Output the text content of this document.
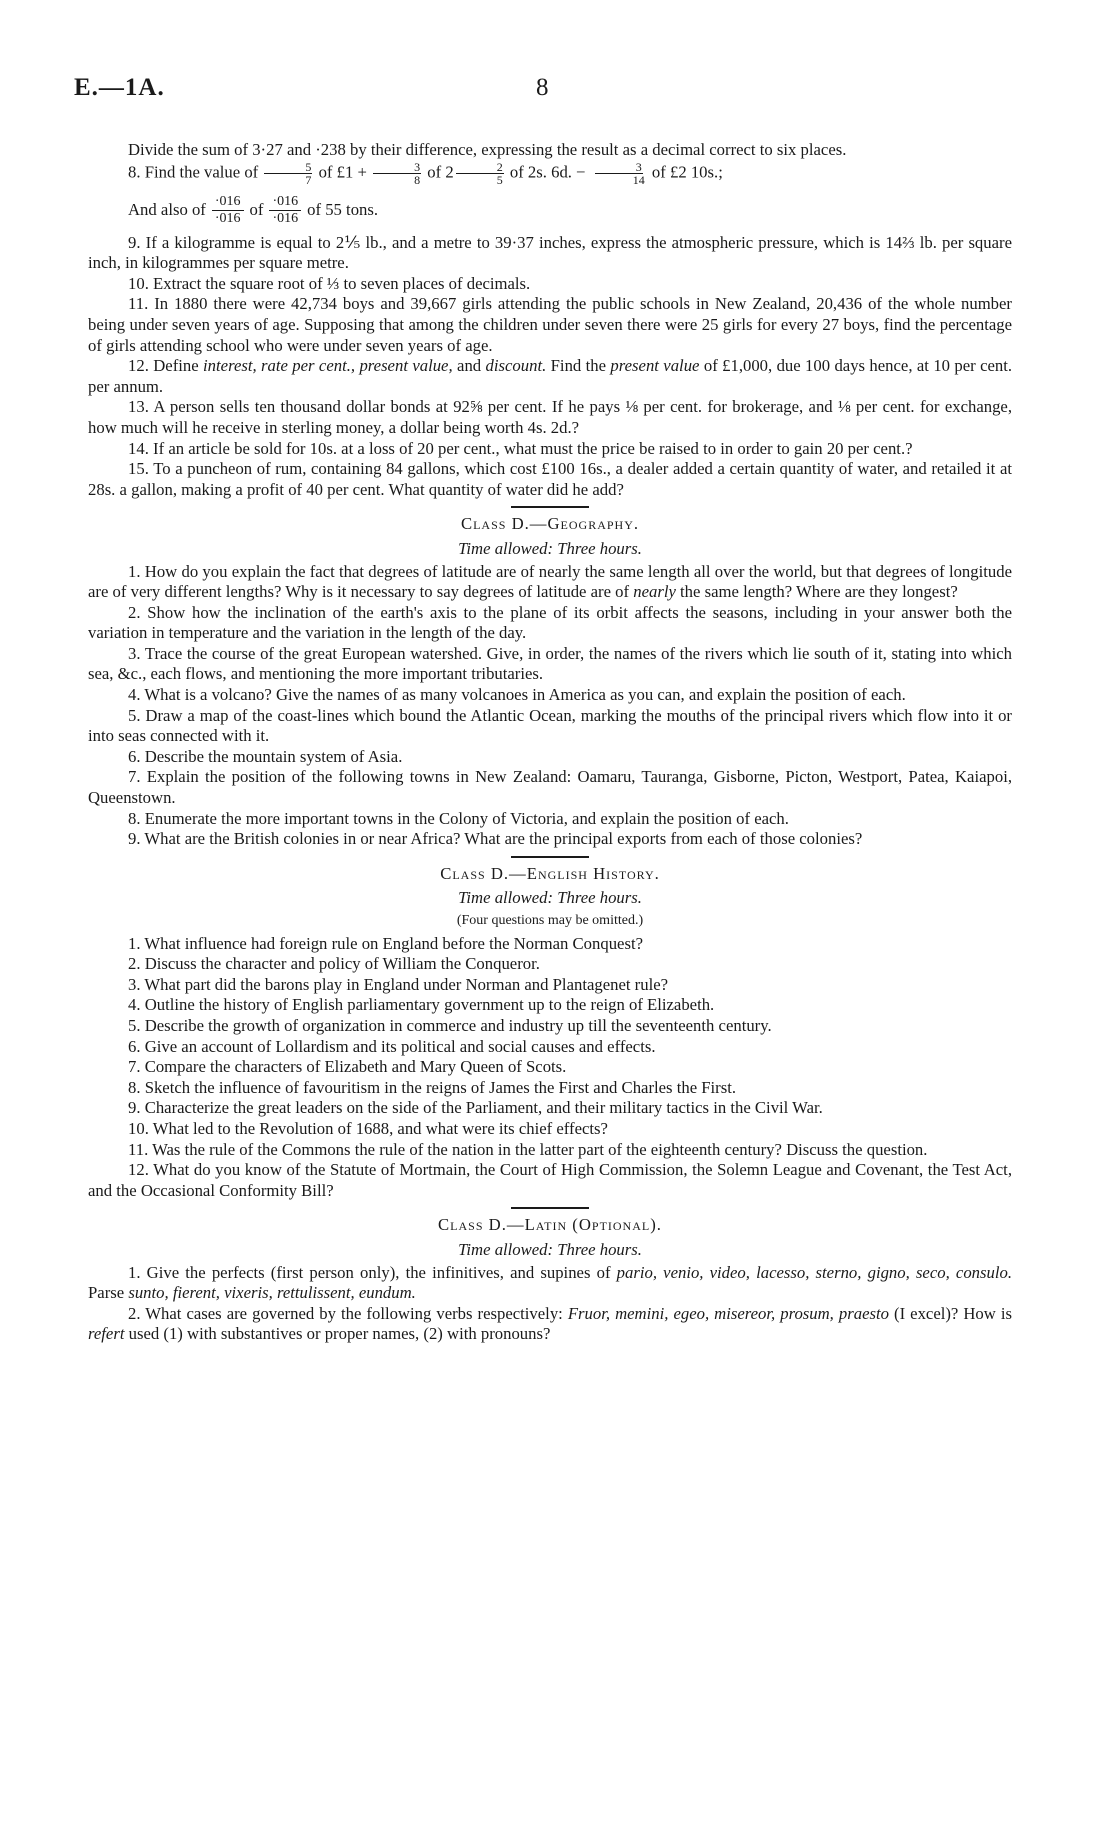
E.—1A.	8

Divide the sum of 3·27 and ·238 by their difference, expressing the result as a decimal correct to six places.

8. Find the value of $\frac{5}{7}$ of £1 + $\frac{3}{8}$ of $2 \frac{2}{5}$ of 2s. 6d. − $\frac{3}{14}$ of £2 10s.;

And also of $\frac{\cdot 016}{\cdot 016}$ of $\frac{\cdot 016}{\cdot 016}$ of 55 tons.

9. If a kilogramme is equal to 2⅕ lb., and a metre to 39·37 inches, express the atmospheric pressure, which is 14⅔ lb. per square inch, in kilogrammes per square metre.

10. Extract the square root of ⅓ to seven places of decimals.

11. In 1880 there were 42,734 boys and 39,667 girls attending the public schools in New Zealand, 20,436 of the whole number being under seven years of age. Supposing that among the children under seven there were 25 girls for every 27 boys, find the percentage of girls attending school who were under seven years of age.

12. Define interest, rate per cent., present value, and discount. Find the present value of £1,000, due 100 days hence, at 10 per cent. per annum.

13. A person sells ten thousand dollar bonds at 92⅝ per cent. If he pays ⅛ per cent. for brokerage, and ⅛ per cent. for exchange, how much will he receive in sterling money, a dollar being worth 4s. 2d.?

14. If an article be sold for 10s. at a loss of 20 per cent., what must the price be raised to in order to gain 20 per cent.?

15. To a puncheon of rum, containing 84 gallons, which cost £100 16s., a dealer added a certain quantity of water, and retailed it at 28s. a gallon, making a profit of 40 per cent. What quantity of water did he add?

Class D.—Geography.
Time allowed: Three hours.

1. How do you explain the fact that degrees of latitude are of nearly the same length all over the world, but that degrees of longitude are of very different lengths? Why is it necessary to say degrees of latitude are of nearly the same length? Where are they longest?

2. Show how the inclination of the earth's axis to the plane of its orbit affects the seasons, including in your answer both the variation in temperature and the variation in the length of the day.

3. Trace the course of the great European watershed. Give, in order, the names of the rivers which lie south of it, stating into which sea, &c., each flows, and mentioning the more important tributaries.

4. What is a volcano? Give the names of as many volcanoes in America as you can, and explain the position of each.

5. Draw a map of the coast-lines which bound the Atlantic Ocean, marking the mouths of the principal rivers which flow into it or into seas connected with it.

6. Describe the mountain system of Asia.

7. Explain the position of the following towns in New Zealand: Oamaru, Tauranga, Gisborne, Picton, Westport, Patea, Kaiapoi, Queenstown.

8. Enumerate the more important towns in the Colony of Victoria, and explain the position of each.

9. What are the British colonies in or near Africa? What are the principal exports from each of those colonies?

Class D.—English History.
Time allowed: Three hours.
(Four questions may be omitted.)

1. What influence had foreign rule on England before the Norman Conquest?

2. Discuss the character and policy of William the Conqueror.

3. What part did the barons play in England under Norman and Plantagenet rule?

4. Outline the history of English parliamentary government up to the reign of Elizabeth.

5. Describe the growth of organization in commerce and industry up till the seventeenth century.

6. Give an account of Lollardism and its political and social causes and effects.

7. Compare the characters of Elizabeth and Mary Queen of Scots.

8. Sketch the influence of favouritism in the reigns of James the First and Charles the First.

9. Characterize the great leaders on the side of the Parliament, and their military tactics in the Civil War.

10. What led to the Revolution of 1688, and what were its chief effects?

11. Was the rule of the Commons the rule of the nation in the latter part of the eighteenth century? Discuss the question.

12. What do you know of the Statute of Mortmain, the Court of High Commission, the Solemn League and Covenant, the Test Act, and the Occasional Conformity Bill?

Class D.—Latin (Optional).
Time allowed: Three hours.

1. Give the perfects (first person only), the infinitives, and supines of pario, venio, video, lacesso, sterno, gigno, seco, consulo. Parse sunto, fierent, vixeris, rettulissent, eundum.

2. What cases are governed by the following verbs respectively: Fruor, memini, egeo, misereor, prosum, praesto (I excel)? How is refert used (1) with substantives or proper names, (2) with pronouns?
